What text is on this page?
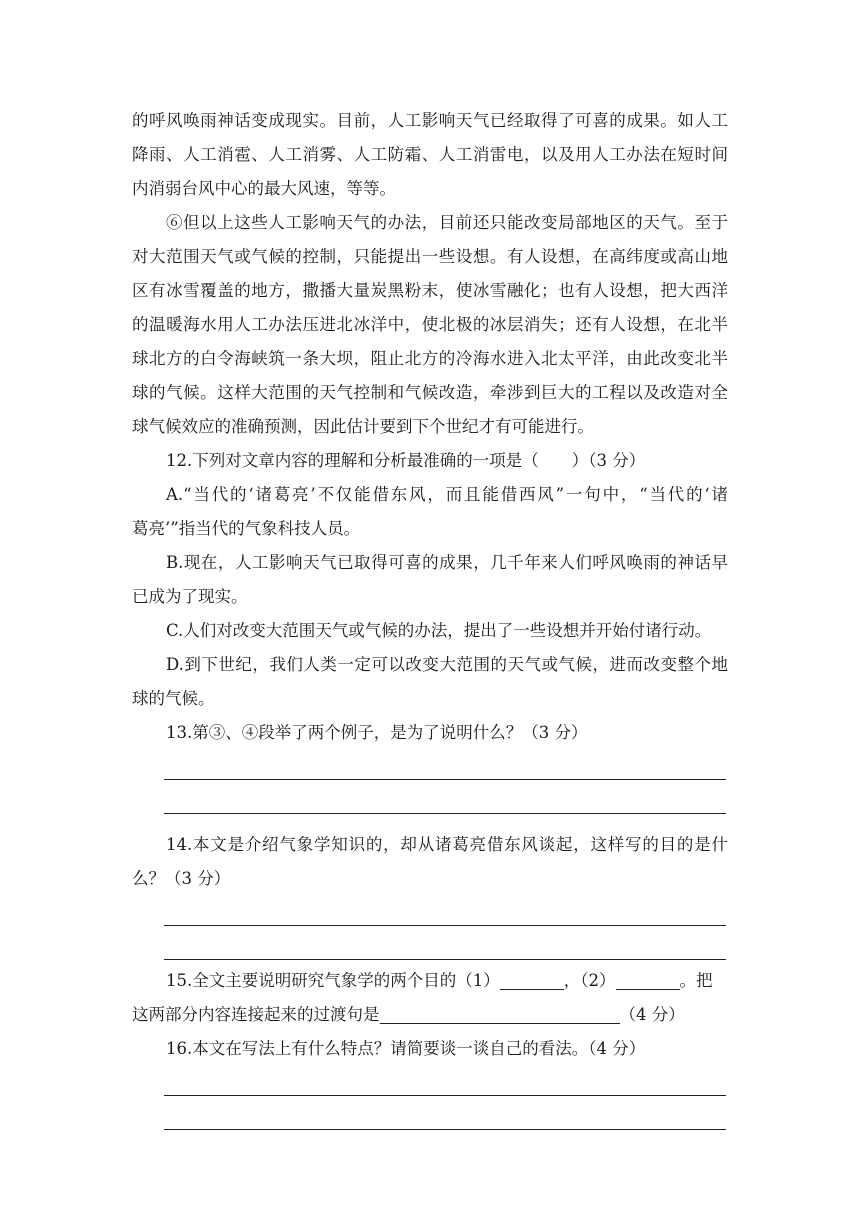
的呼风唤雨神话变成现实。目前，人工影响天气已经取得了可喜的成果。如人工
降雨、人工消雹、人工消雾、人工防霜、人工消雷电，以及用人工办法在短时间
内消弱台风中心的最大风速，等等。
⑥但以上这些人工影响天气的办法，目前还只能改变局部地区的天气。至于
对大范围天气或气候的控制，只能提出一些设想。有人设想，在高纬度或高山地
区有冰雪覆盖的地方，撒播大量炭黑粉末，使冰雪融化；也有人设想，把大西洋
的温暖海水用人工办法压进北冰洋中，使北极的冰层消失；还有人设想，在北半
球北方的白令海峡筑一条大坝，阻止北方的冷海水进入北太平洋，由此改变北半
球的气候。这样大范围的天气控制和气候改造，牵涉到巨大的工程以及改造对全
球气候效应的准确预测，因此估计要到下个世纪才有可能进行。
12.下列对文章内容的理解和分析最准确的一项是（　　）（3 分）
A.“当代的‘诸葛亮’不仅能借东风，而且能借西风”一句中，“当代的‘诸
葛亮’”指当代的气象科技人员。
B.现在，人工影响天气已取得可喜的成果，几千年来人们呼风唤雨的神话早
已成为了现实。
C.人们对改变大范围天气或气候的办法，提出了一些设想并开始付诸行动。
D.到下世纪，我们人类一定可以改变大范围的天气或气候，进而改变整个地
球的气候。
13.第③、④段举了两个例子，是为了说明什么？（3 分）
14.本文是介绍气象学知识的，却从诸葛亮借东风谈起，这样写的目的是什
么？（3 分）
15.全文主要说明研究气象学的两个目的（1）	，（2）	。把
这两部分内容连接起来的过渡句是	（4 分）
16.本文在写法上有什么特点？请简要谈一谈自己的看法。（4 分）
